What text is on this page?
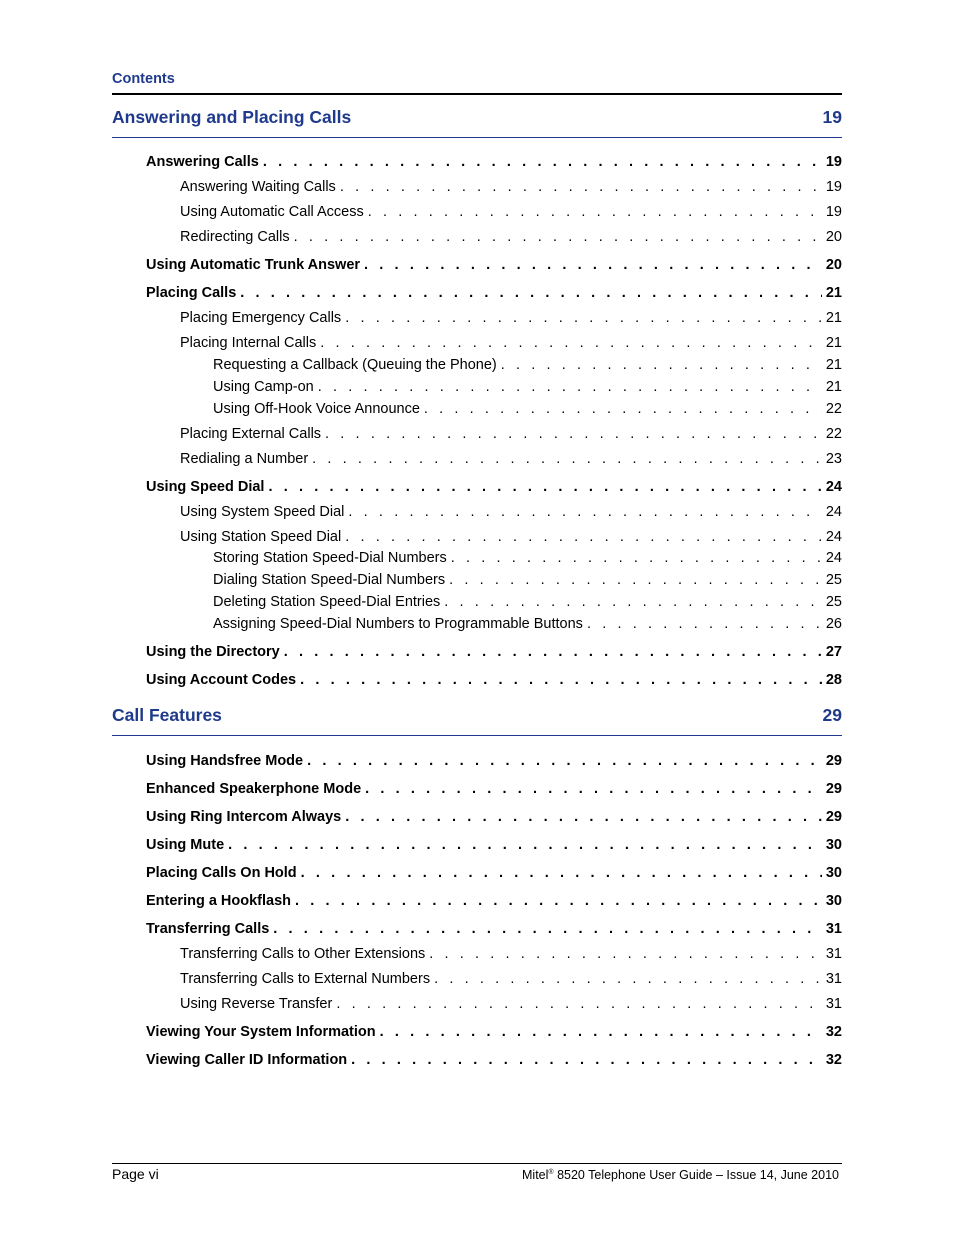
Contents
Answering and Placing Calls	19
Answering Calls . . .	19
Answering Waiting Calls . . .	19
Using Automatic Call Access . . .	19
Redirecting Calls . . .	20
Using Automatic Trunk Answer . . .	20
Placing Calls . . .	21
Placing Emergency Calls . . .	21
Placing Internal Calls . . .	21
Requesting a Callback (Queuing the Phone) . . .	21
Using Camp-on . . .	21
Using Off-Hook Voice Announce . . .	22
Placing External Calls . . .	22
Redialing a Number . . .	23
Using Speed Dial . . .	24
Using System Speed Dial . . .	24
Using Station Speed Dial . . .	24
Storing Station Speed-Dial Numbers . . .	24
Dialing Station Speed-Dial Numbers . . .	25
Deleting Station Speed-Dial Entries . . .	25
Assigning Speed-Dial Numbers to Programmable Buttons . . .	26
Using the Directory . . .	27
Using Account Codes . . .	28
Call Features	29
Using Handsfree Mode . . .	29
Enhanced Speakerphone Mode . . .	29
Using Ring Intercom Always . . .	29
Using Mute . . .	30
Placing Calls On Hold . . .	30
Entering a Hookflash . . .	30
Transferring Calls . . .	31
Transferring Calls to Other Extensions . . .	31
Transferring Calls to External Numbers . . .	31
Using Reverse Transfer . . .	31
Viewing Your System Information . . .	32
Viewing Caller ID Information . . .	32
Page vi	Mitel® 8520 Telephone User Guide – Issue 14, June 2010
